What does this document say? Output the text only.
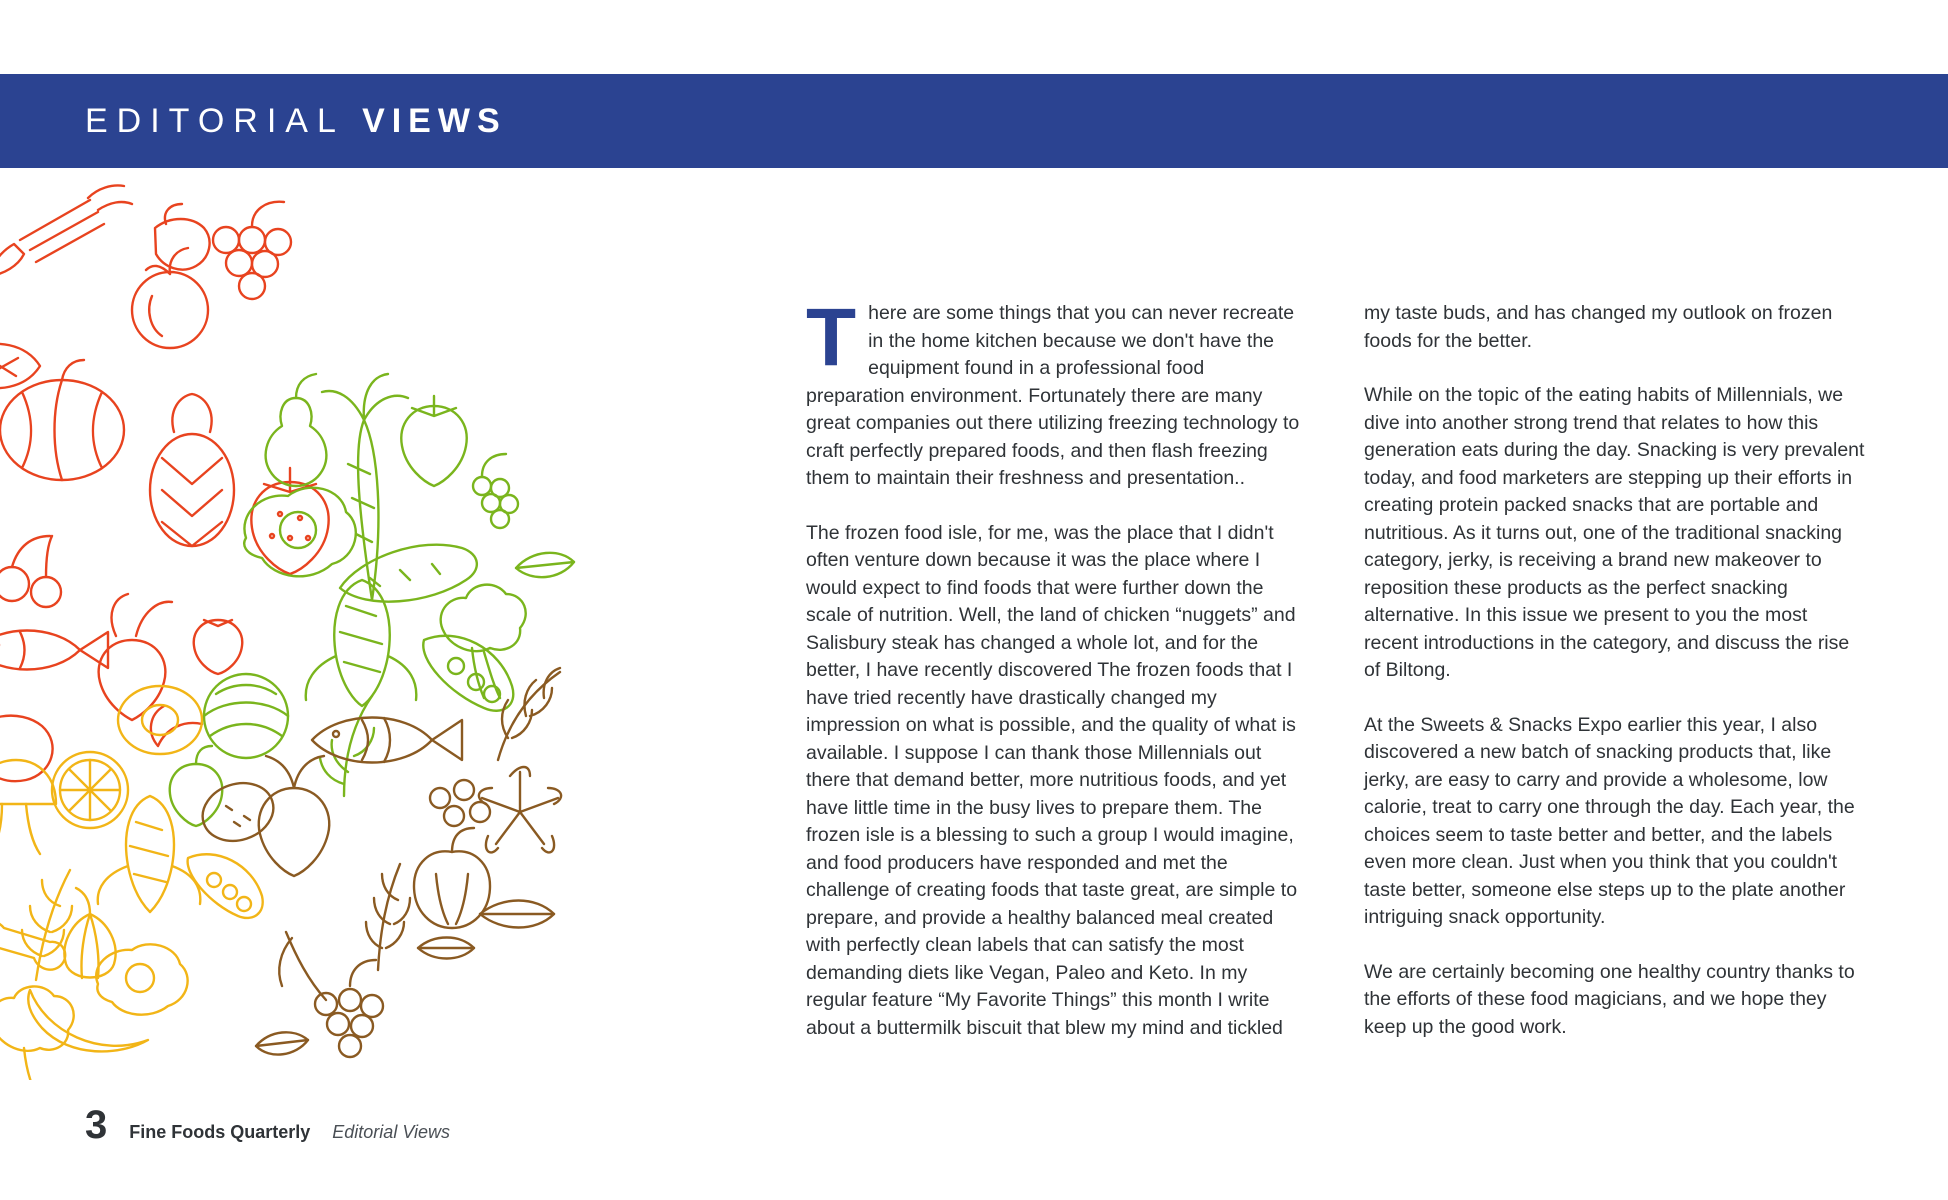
EDITORIAL VIEWS

There are some things that you can never recreate in the home kitchen because we don't have the equipment found in a professional food preparation environment. Fortunately there are many great companies out there utilizing freezing technology to craft perfectly prepared foods, and then flash freezing them to maintain their freshness and presentation..

The frozen food isle, for me, was the place that I didn't often venture down because it was the place where I would expect to find foods that were further down the scale of nutrition. Well, the land of chicken “nuggets” and Salisbury steak has changed a whole lot, and for the better, I have recently discovered The frozen foods that I have tried recently have drastically changed my impression on what is possible, and the quality of what is available. I suppose I can thank those Millennials out there that demand better, more nutritious foods, and yet have little time in the busy lives to prepare them. The frozen isle is a blessing to such a group I would imagine, and food producers have responded and met the challenge of creating foods that taste great, are simple to prepare, and provide a healthy balanced meal created with perfectly clean labels that can satisfy the most demanding diets like Vegan, Paleo and Keto. In my regular feature “My Favorite Things” this month I write about a buttermilk biscuit that blew my mind and tickled

my taste buds, and has changed my outlook on frozen foods for the better.

While on the topic of the eating habits of Millennials, we dive into another strong trend that relates to how this generation eats during the day. Snacking is very prevalent today, and food marketers are stepping up their efforts in creating protein packed snacks that are portable and nutritious. As it turns out, one of the traditional snacking category, jerky, is receiving a brand new makeover to reposition these products as the perfect snacking alternative. In this issue we present to you the most recent introductions in the category, and discuss the rise of Biltong.

At the Sweets & Snacks Expo earlier this year, I also discovered a new batch of snacking products that, like jerky, are easy to carry and provide a wholesome, low calorie, treat to carry one through the day. Each year, the choices seem to taste better and better, and the labels even more clean. Just when you think that you couldn't taste better, someone else steps up to the plate another intriguing snack opportunity.

We are certainly becoming one healthy country thanks to the efforts of these food magicians, and we hope they keep up the good work.

3 Fine Foods Quarterly Editorial Views
